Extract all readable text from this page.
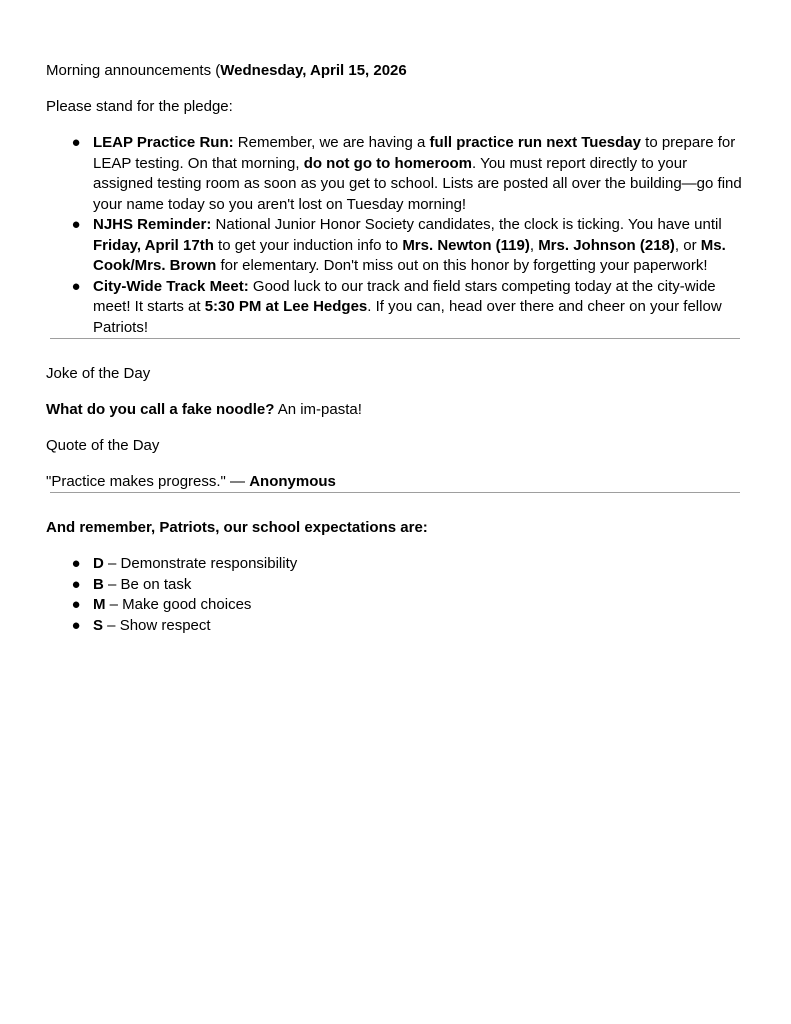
Morning announcements (Wednesday, April 15, 2026

Please stand for the pledge:

● LEAP Practice Run: Remember, we are having a full practice run next Tuesday to prepare for LEAP testing. On that morning, do not go to homeroom. You must report directly to your assigned testing room as soon as you get to school. Lists are posted all over the building—go find your name today so you aren't lost on Tuesday morning!
● NJHS Reminder: National Junior Honor Society candidates, the clock is ticking. You have until Friday, April 17th to get your induction info to Mrs. Newton (119), Mrs. Johnson (218), or Ms. Cook/Mrs. Brown for elementary. Don't miss out on this honor by forgetting your paperwork!
● City-Wide Track Meet: Good luck to our track and field stars competing today at the city-wide meet! It starts at 5:30 PM at Lee Hedges. If you can, head over there and cheer on your fellow Patriots!

Joke of the Day

What do you call a fake noodle? An im-pasta!

Quote of the Day

"Practice makes progress." — Anonymous

And remember, Patriots, our school expectations are:

● D – Demonstrate responsibility
● B – Be on task
● M – Make good choices
● S – Show respect
